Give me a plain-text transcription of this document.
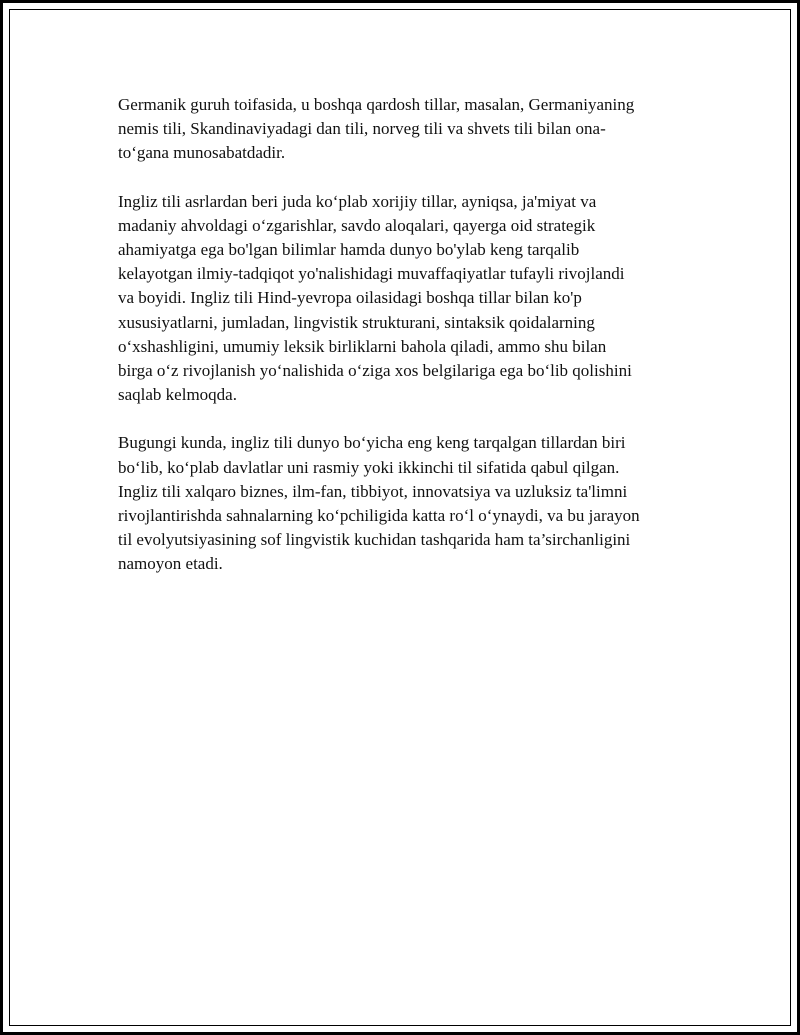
Germanik guruh toifasida, u boshqa qardosh tillar, masalan, Germaniyaning
nemis tili, Skandinaviyadagi dan tili, norveg tili va shvets tili bilan ona-
to‘gana munosabatdadir.

Ingliz tili asrlardan beri juda ko‘plab xorijiy tillar, ayniqsa, ja'miyat va
madaniy ahvoldagi o‘zgarishlar, savdo aloqalari, qayerga oid strategik
ahamiyatga ega bo'lgan bilimlar hamda dunyo bo'ylab keng tarqalib
kelayotgan ilmiy-tadqiqot yo'nalishidagi muvaffaqiyatlar tufayli rivojlandi
va boyidi. Ingliz tili Hind-yevropa oilasidagi boshqa tillar bilan ko'p
xususiyatlarni, jumladan, lingvistik strukturani, sintaksik qoidalarning
o‘xshashligini, umumiy leksik birliklarni bahola qiladi, ammo shu bilan
birga o‘z rivojlanish yo‘nalishida o‘ziga xos belgilariga ega bo‘lib qolishini
saqlab kelmoqda.

Bugungi kunda, ingliz tili dunyo bo‘yicha eng keng tarqalgan tillardan biri
bo‘lib, ko‘plab davlatlar uni rasmiy yoki ikkinchi til sifatida qabul qilgan.
Ingliz tili xalqaro biznes, ilm-fan, tibbiyot, innovatsiya va uzluksiz ta'limni
rivojlantirishda sahnalarning ko‘pchiligida katta ro‘l o‘ynaydi, va bu jarayon
til evolyutsiyasining sof lingvistik kuchidan tashqarida ham ta’sirchanligini
namoyon etadi.
